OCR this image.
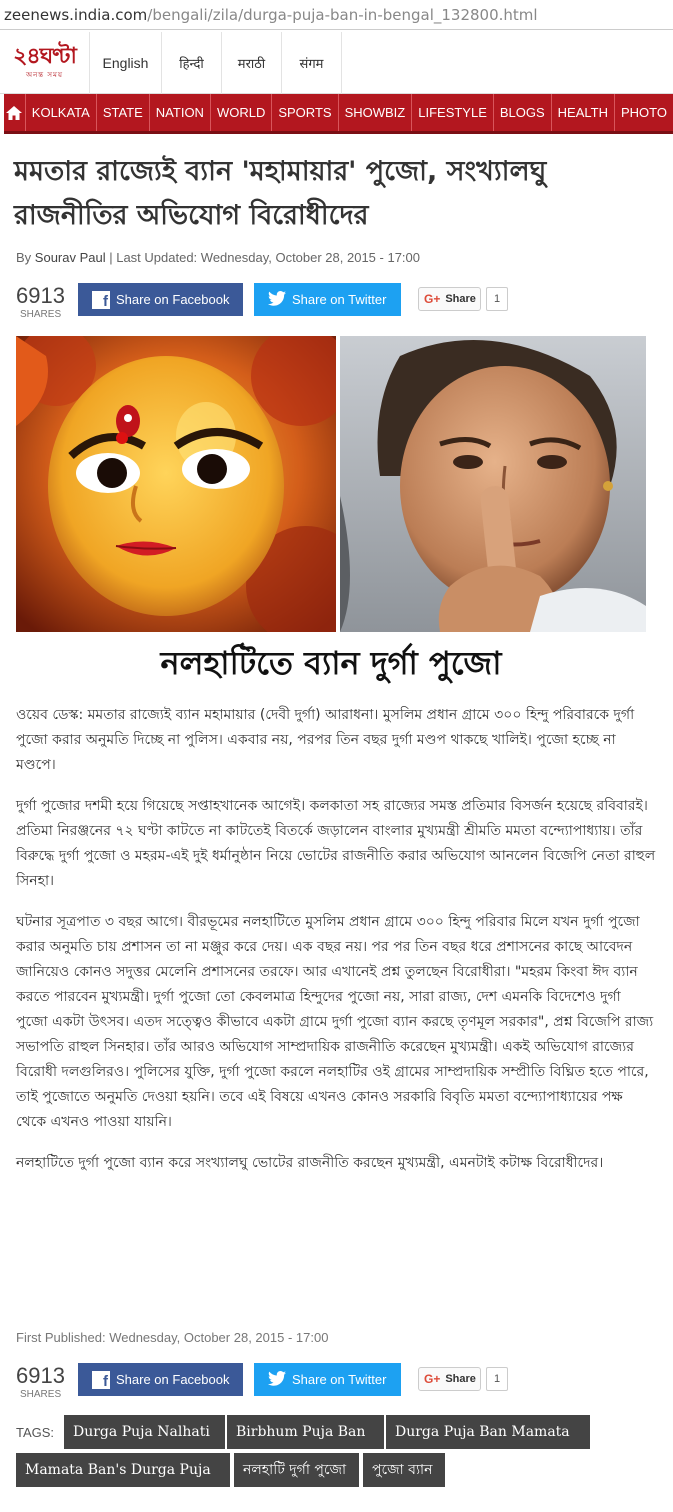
zeenews.india.com/bengali/zila/durga-puja-ban-in-bengal_132800.html
২৪ঘণ্টা
অনন্ত সময়
English	हिन्दी	मराठी	संगम
KOLKATA	STATE	NATION	WORLD	SPORTS	SHOWBIZ	LIFESTYLE	BLOGS	HEALTH	PHOTO
মমতার রাজ্যেই ব্যান 'মহামায়ার' পুজো, সংখ্যালঘু রাজনীতির অভিযোগ বিরোধীদের
By Sourav Paul | Last Updated: Wednesday, October 28, 2015 - 17:00
6913
SHARES
f Share on Facebook	Share on Twitter	G+ Share	1
নলহাটিতে ব্যান দুর্গা পুজো

ওয়েব ডেস্ক: মমতার রাজ্যেই ব্যান মহামায়ার (দেবী দুর্গা) আরাধনা। মুসলিম প্রধান গ্রামে ৩০০ হিন্দু পরিবারকে দুর্গা পুজো করার অনুমতি দিচ্ছে না পুলিস। একবার নয়, পরপর তিন বছর দুর্গা মণ্ডপ থাকছে খালিই। পুজো হচ্ছে না মণ্ডপে।

দুর্গা পুজোর দশমী হয়ে গিয়েছে সপ্তাহখানেক আগেই। কলকাতা সহ রাজ্যের সমস্ত প্রতিমার বিসর্জন হয়েছে রবিবারই। প্রতিমা নিরঞ্জনের ৭২ ঘণ্টা কাটতে না কাটতেই বিতর্কে জড়ালেন বাংলার মুখ্যমন্ত্রী শ্রীমতি মমতা বন্দ্যোপাধ্যায়। তাঁর বিরুদ্ধে দুর্গা পুজো ও মহরম-এই দুই ধর্মানুষ্ঠান নিয়ে ভোটের রাজনীতি করার অভিযোগ আনলেন বিজেপি নেতা রাহুল সিনহা।

ঘটনার সূত্রপাত ৩ বছর আগে। বীরভূমের নলহাটিতে মুসলিম প্রধান গ্রামে ৩০০ হিন্দু পরিবার মিলে যখন দুর্গা পুজো করার অনুমতি চায় প্রশাসন তা না মঞ্জুর করে দেয়। এক বছর নয়। পর পর তিন বছর ধরে প্রশাসনের কাছে আবেদন জানিয়েও কোনও সদুত্তর মেলেনি প্রশাসনের তরফে। আর এখানেই প্রশ্ন তুলছেন বিরোধীরা। "মহরম কিংবা ঈদ ব্যান করতে পারবেন মুখ্যমন্ত্রী। দুর্গা পুজো তো কেবলমাত্র হিন্দুদের পুজো নয়, সারা রাজ্য, দেশ এমনকি বিদেশেও দুর্গা পুজো একটা উৎসব। এতদ সত্ত্বেও কীভাবে একটা গ্রামে দুর্গা পুজো ব্যান করছে তৃণমূল সরকার", প্রশ্ন বিজেপি রাজ্য সভাপতি রাহুল সিনহার। তাঁর আরও অভিযোগ সাম্প্রদায়িক রাজনীতি করেছেন মুখ্যমন্ত্রী। একই অভিযোগ রাজ্যের বিরোধী দলগুলিরও। পুলিসের যুক্তি, দুর্গা পুজো করলে নলহাটির ওই গ্রামের সাম্প্রদায়িক সম্প্রীতি বিঘ্নিত হতে পারে, তাই পুজোতে অনুমতি দেওয়া হয়নি। তবে এই বিষয়ে এখনও কোনও সরকারি বিবৃতি মমতা বন্দ্যোপাধ্যায়ের পক্ষ থেকে এখনও পাওয়া যায়নি।

নলহাটিতে দুর্গা পুজো ব্যান করে সংখ্যালঘু ভোটের রাজনীতি করছেন মুখ্যমন্ত্রী, এমনটাই কটাক্ষ বিরোধীদের।

First Published: Wednesday, October 28, 2015 - 17:00
6913
SHARES
f Share on Facebook	Share on Twitter	G+ Share	1
TAGS:	Durga Puja Nalhati	Birbhum Puja Ban	Durga Puja Ban Mamata
Mamata Ban's Durga Puja	নলহাটি দুর্গা পুজো	পুজো ব্যান
